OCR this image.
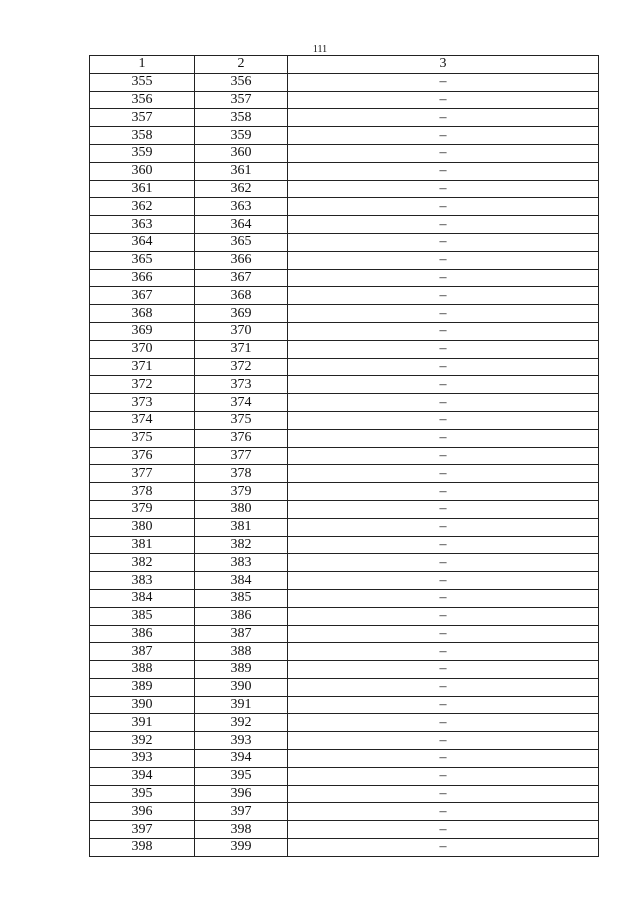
111
1	2	3
355	356	–
356	357	–
357	358	–
358	359	–
359	360	–
360	361	–
361	362	–
362	363	–
363	364	–
364	365	–
365	366	–
366	367	–
367	368	–
368	369	–
369	370	–
370	371	–
371	372	–
372	373	–
373	374	–
374	375	–
375	376	–
376	377	–
377	378	–
378	379	–
379	380	–
380	381	–
381	382	–
382	383	–
383	384	–
384	385	–
385	386	–
386	387	–
387	388	–
388	389	–
389	390	–
390	391	–
391	392	–
392	393	–
393	394	–
394	395	–
395	396	–
396	397	–
397	398	–
398	399	–
